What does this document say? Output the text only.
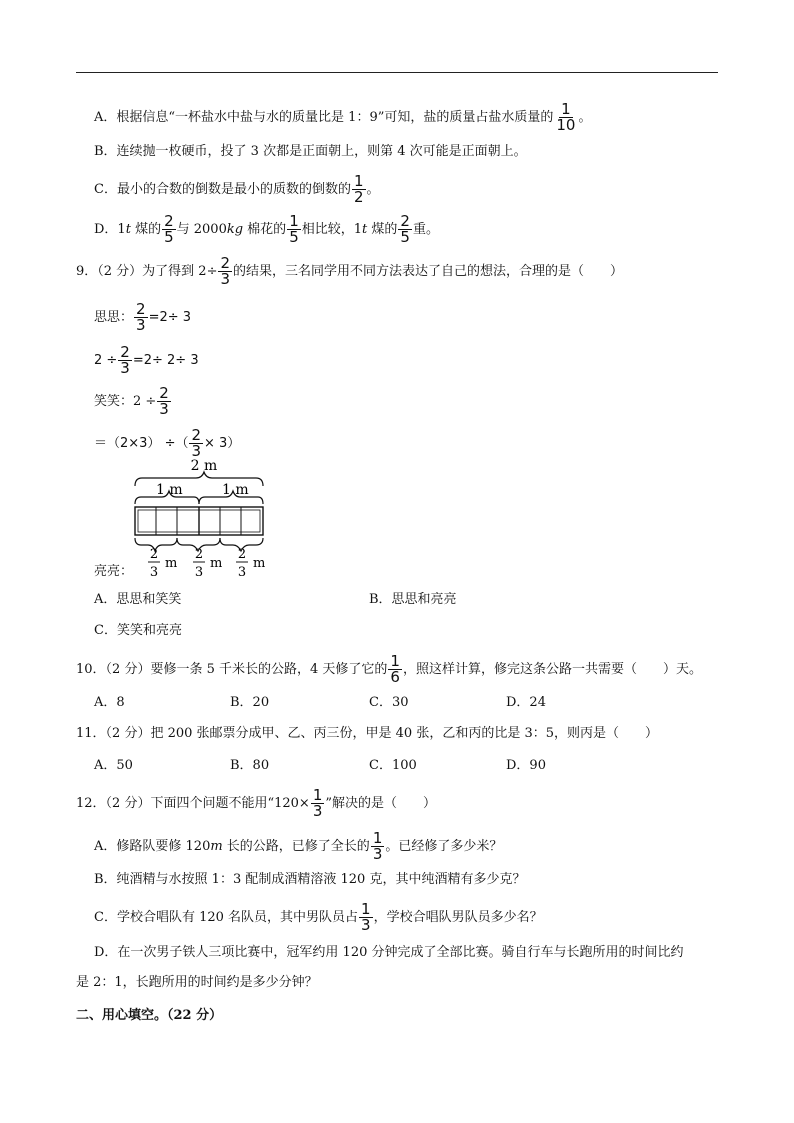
A．根据信息“一杯盐水中盐与水的质量比是 1：9”可知，盐的质量占盐水质量的 $\frac{1}{10}$ 。
B．连续抛一枚硬币，投了 3 次都是正面朝上，则第 4 次可能是正面朝上。
C．最小的合数的倒数是最小的质数的倒数的 $\frac{1}{2}$ 。
D．1t 煤的 $\frac{2}{5}$ 与 2000kg 棉花的 $\frac{1}{5}$ 相比较，1t 煤的 $\frac{2}{5}$ 重。
9．（2 分）为了得到 $2\div \frac{2}{3}$ 的结果，三名同学用不同方法表达了自己的想法，合理的是（　　）
思思： $\frac{2}{3} =2\div 3$
$2 \div \frac{2}{3} =2\div 2\div 3$
笑笑：$2 \div \frac{2}{3}$
＝（2×3） ÷（ $\frac{2}{3} \times 3$）
2 m
1 m	1 m
2
3
m
2
3
m
2
3
m
亮亮：
A．思思和笑笑	B．思思和亮亮
C．笑笑和亮亮
10．（2 分）要修一条 5 千米长的公路，4 天修了它的 $\frac{1}{6}$ ，照这样计算，修完这条公路一共需要（　　）天。
A．8	B．20	C．30	D．24
11．（2 分）把 200 张邮票分成甲、乙、丙三份，甲是 40 张，乙和丙的比是 3：5，则丙是（　　）
A．50	B．80	C．100	D．90
12．（2 分）下面四个问题不能用“$120\times \frac{1}{3}$ ”解决的是（　　）
A．修路队要修 120m 长的公路，已修了全长的 $\frac{1}{3}$ 。已经修了多少米？
B．纯酒精与水按照 1：3 配制成酒精溶液 120 克，其中纯酒精有多少克？
C．学校合唱队有 120 名队员，其中男队员占 $\frac{1}{3}$ ，学校合唱队男队员多少名？
D．在一次男子铁人三项比赛中，冠军约用 120 分钟完成了全部比赛。骑自行车与长跑所用的时间比约
是 2：1，长跑所用的时间约是多少分钟？
二、用心填空。（22 分）
